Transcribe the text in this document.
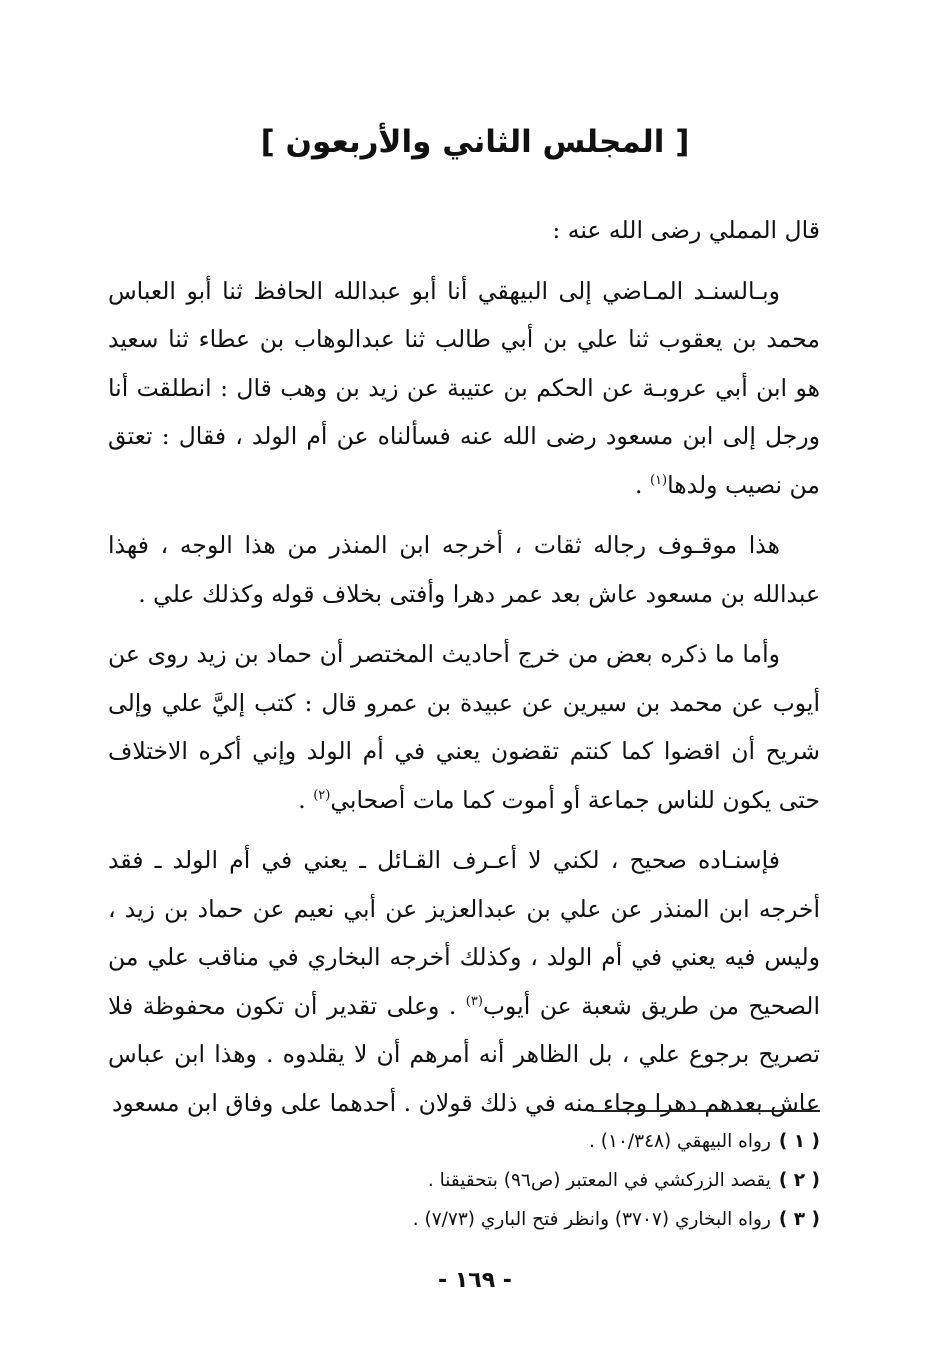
[ المجلس الثاني والأربعون ]

قال المملي رضى الله عنه :

وبـالسنـد المـاضي إلى البيهقي أنا أبو عبدالله الحافظ ثنا أبو العباس محمد بن يعقوب ثنا علي بن أبي طالب ثنا عبدالوهاب بن عطاء ثنا سعيد هو ابن أبي عروبـة عن الحكم بن عتيبة عن زيد بن وهب قال : انطلقت أنا ورجل إلى ابن مسعود رضى الله عنه فسألناه عن أم الولد ، فقال : تعتق من نصيب ولدها$^{(١)}$ .

هذا موقـوف رجاله ثقات ، أخرجه ابن المنذر من هذا الوجه ، فهذا عبدالله بن مسعود عاش بعد عمر دهرا وأفتى بخلاف قوله وكذلك علي .

وأما ما ذكره بعض من خرج أحاديث المختصر أن حماد بن زيد روى عن أيوب عن محمد بن سيرين عن عبيدة بن عمرو قال : كتب إليَّ علي وإلى شريح أن اقضوا كما كنتم تقضون يعني في أم الولد وإني أكره الاختلاف حتى يكون للناس جماعة أو أموت كما مات أصحابي$^{(٢)}$ .

فإسنـاده صحيح ، لكني لا أعـرف القـائل ـ يعني في أم الولد ـ فقد أخرجه ابن المنذر عن علي بن عبدالعزيز عن أبي نعيم عن حماد بن زيد ، وليس فيه يعني في أم الولد ، وكذلك أخرجه البخاري في مناقب علي من الصحيح من طريق شعبة عن أيوب$^{(٣)}$ . وعلى تقدير أن تكون محفوظة فلا تصريح برجوع علي ، بل الظاهر أنه أمرهم أن لا يقلدوه . وهذا ابن عباس عاش بعدهم دهرا وجاء منه في ذلك قولان . أحدهما على وفاق ابن مسعود

( ١ )رواه البيهقي (١٠/٣٤٨) .
( ٢ )يقصد الزركشي في المعتبر (ص٩٦) بتحقيقنا .
( ٣ )رواه البخاري (٣٧٠٧) وانظر فتح الباري (٧/٧٣) .
- ١٦٩ -
